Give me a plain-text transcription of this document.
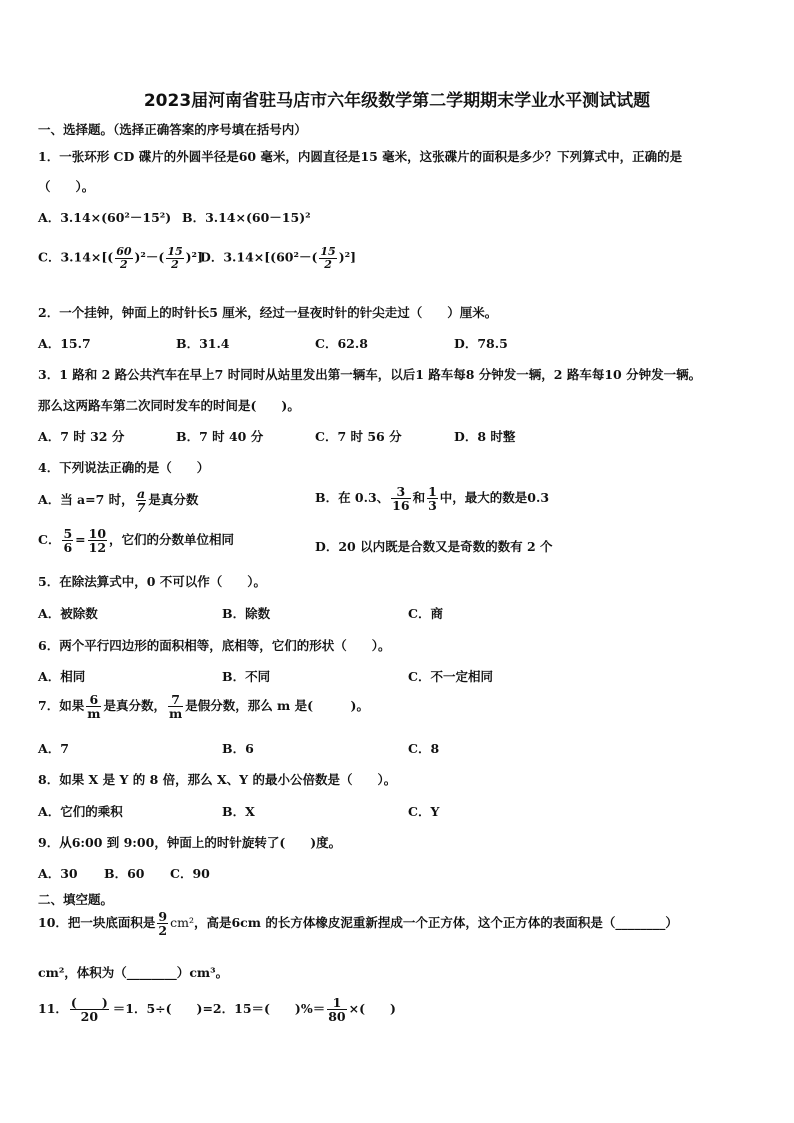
2023届河南省驻马店市六年级数学第二学期期末学业水平测试试题
一、选择题。（选择正确答案的序号填在括号内）
1．一张环形 CD 碟片的外圆半径是60 毫米，内圆直径是15 毫米，这张碟片的面积是多少？下列算式中，正确的是
（　　）。
A．3.14×(60²－15²) B．3.14×(60－15)²
C．$3.14\times[( \frac{60}{2} )^2-( \frac{15}{2} )^2]$
D．$3.14\times[(60^2-( \frac{15}{2} )^2]$
2．一个挂钟，钟面上的时针长5 厘米，经过一昼夜时针的针尖走过（　　）厘米。
A．15.7	B．31.4	C．62.8	D．78.5
3．1 路和 2 路公共汽车在早上7 时同时从站里发出第一辆车，以后1 路车每8 分钟发一辆，2 路车每10 分钟发一辆。
那么这两路车第二次同时发车的时间是(　　)。
A．7 时 32 分	B．7 时 40 分	C．7 时 56 分	D．8 时整
4．下列说法正确的是（　　）
A．当 a=7 时， $\frac{a}{7}$ 是真分数	B．在 0.3、 $\frac{3}{16}$ 和 $\frac{1}{3}$ 中，最大的数是0.3
C． $\frac{5}{6} = \frac{10}{12}$ ，它们的分数单位相同	D．20 以内既是合数又是奇数的数有 2 个
5．在除法算式中，0 不可以作（　　）。
A．被除数	B．除数	C．商
6．两个平行四边形的面积相等，底相等，它们的形状（　　）。
A．相同	B．不同	C．不一定相同
7．如果 $\frac{6}{m}$ 是真分数， $\frac{7}{m}$ 是假分数，那么 m 是(　　　)。
A．7	B．6	C．8
8．如果 X 是 Y 的 8 倍，那么 X、Y 的最小公倍数是（　　）。
A．它们的乘积	B．X	C．Y
9．从6:00 到 9:00，钟面上的时针旋转了(　　)度。
A．30 B．60 C．90
二、填空题。
10．把一块底面积是 $\frac{9}{2} cm^2$，高是6cm 的长方体橡皮泥重新捏成一个正方体，这个正方体的表面积是（________）
cm²，体积为（________）cm³。
11． $\frac{( )}{20} =1$．5÷(　　)=2．15＝(　　)%＝ $\frac{1}{80}$ ×(　　)
